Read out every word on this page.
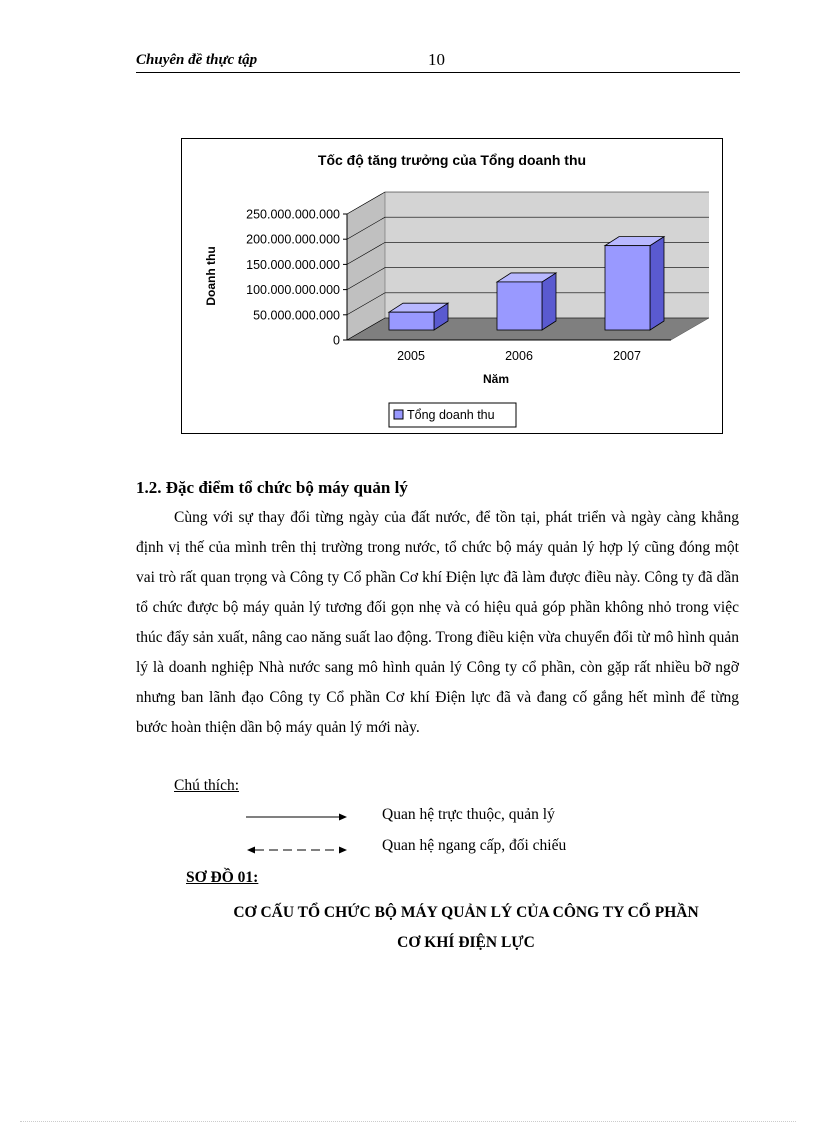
Chuyên đề thực tập	10
0
50.000.000.000
100.000.000.000
150.000.000.000
200.000.000.000
250.000.000.000
2005	2006	2007
Tốc độ tăng trưởng của Tổng doanh thu
Năm
Doanh thu
Tổng doanh thu
1.2. Đặc điểm tổ chức bộ máy quản lý

Cùng với sự thay đổi từng ngày của đất nước, để tồn tại, phát triển và ngày càng khẳng định vị thế của mình trên thị trường trong nước, tổ chức bộ máy quản lý hợp lý cũng đóng một vai trò rất quan trọng và Công ty Cổ phần Cơ khí Điện lực đã làm được điều này. Công ty đã dần tổ chức được bộ máy quản lý tương đối gọn nhẹ và có hiệu quả góp phần không nhỏ trong việc thúc đẩy sản xuất, nâng cao năng suất lao động. Trong điều kiện vừa chuyển đổi từ mô hình quản lý là doanh nghiệp Nhà nước sang mô hình quản lý Công ty cổ phần, còn gặp rất nhiều bỡ ngỡ nhưng ban lãnh đạo Công ty Cổ phần Cơ khí Điện lực đã và đang cố gắng hết mình để từng bước hoàn thiện dần bộ máy quản lý mới này.

Chú thích:
Quan hệ trực thuộc, quản lý
Quan hệ ngang cấp, đối chiếu
SƠ ĐỒ 01:
CƠ CẤU TỔ CHỨC BỘ MÁY QUẢN LÝ CỦA CÔNG TY CỔ PHẦN
CƠ KHÍ ĐIỆN LỰC
